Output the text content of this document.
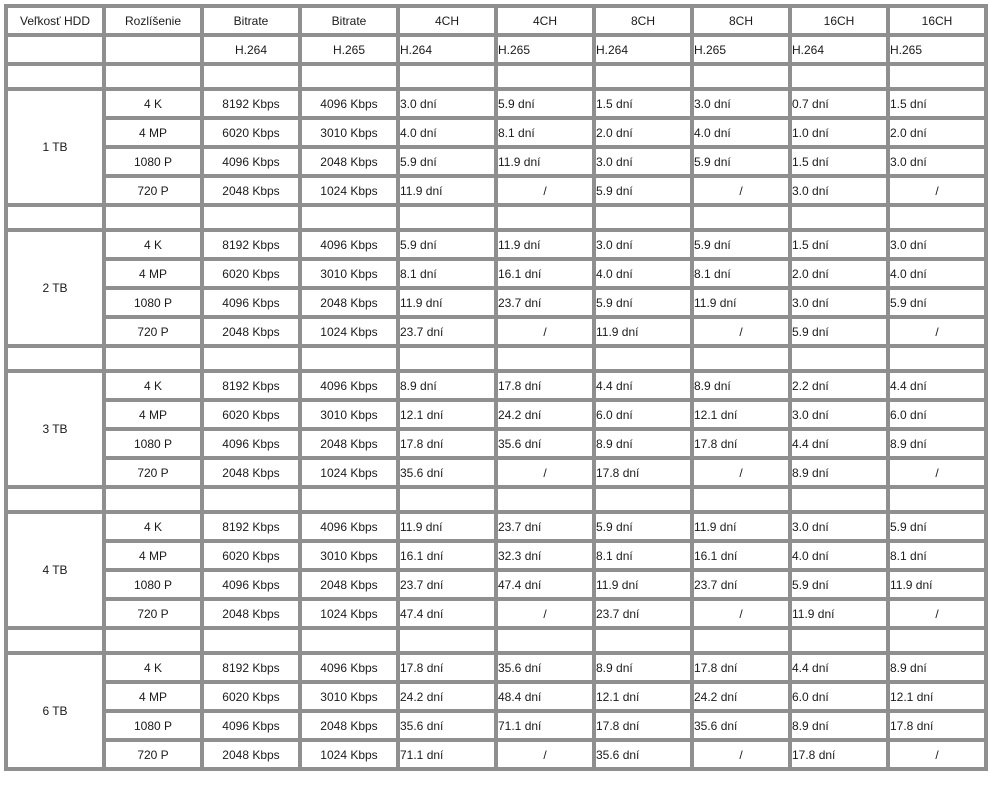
Veľkosť HDD	Rozlíšenie	Bitrate	Bitrate	4CH	4CH	8CH	8CH	16CH	16CH
		H.264	H.265	H.264	H.265	H.264	H.265	H.264	H.265

1 TB	4 K	8192 Kbps	4096 Kbps	3.0 dní	5.9 dní	1.5 dní	3.0 dní	0.7 dní	1.5 dní
	4 MP	6020 Kbps	3010 Kbps	4.0 dní	8.1 dní	2.0 dní	4.0 dní	1.0 dní	2.0 dní
	1080 P	4096 Kbps	2048 Kbps	5.9 dní	11.9 dní	3.0 dní	5.9 dní	1.5 dní	3.0 dní
	720 P	2048 Kbps	1024 Kbps	11.9 dní	/	5.9 dní	/	3.0 dní	/

2 TB	4 K	8192 Kbps	4096 Kbps	5.9 dní	11.9 dní	3.0 dní	5.9 dní	1.5 dní	3.0 dní
	4 MP	6020 Kbps	3010 Kbps	8.1 dní	16.1 dní	4.0 dní	8.1 dní	2.0 dní	4.0 dní
	1080 P	4096 Kbps	2048 Kbps	11.9 dní	23.7 dní	5.9 dní	11.9 dní	3.0 dní	5.9 dní
	720 P	2048 Kbps	1024 Kbps	23.7 dní	/	11.9 dní	/	5.9 dní	/

3 TB	4 K	8192 Kbps	4096 Kbps	8.9 dní	17.8 dní	4.4 dní	8.9 dní	2.2 dní	4.4 dní
	4 MP	6020 Kbps	3010 Kbps	12.1 dní	24.2 dní	6.0 dní	12.1 dní	3.0 dní	6.0 dní
	1080 P	4096 Kbps	2048 Kbps	17.8 dní	35.6 dní	8.9 dní	17.8 dní	4.4 dní	8.9 dní
	720 P	2048 Kbps	1024 Kbps	35.6 dní	/	17.8 dní	/	8.9 dní	/

4 TB	4 K	8192 Kbps	4096 Kbps	11.9 dní	23.7 dní	5.9 dní	11.9 dní	3.0 dní	5.9 dní
	4 MP	6020 Kbps	3010 Kbps	16.1 dní	32.3 dní	8.1 dní	16.1 dní	4.0 dní	8.1 dní
	1080 P	4096 Kbps	2048 Kbps	23.7 dní	47.4 dní	11.9 dní	23.7 dní	5.9 dní	11.9 dní
	720 P	2048 Kbps	1024 Kbps	47.4 dní	/	23.7 dní	/	11.9 dní	/

6 TB	4 K	8192 Kbps	4096 Kbps	17.8 dní	35.6 dní	8.9 dní	17.8 dní	4.4 dní	8.9 dní
	4 MP	6020 Kbps	3010 Kbps	24.2 dní	48.4 dní	12.1 dní	24.2 dní	6.0 dní	12.1 dní
	1080 P	4096 Kbps	2048 Kbps	35.6 dní	71.1 dní	17.8 dní	35.6 dní	8.9 dní	17.8 dní
	720 P	2048 Kbps	1024 Kbps	71.1 dní	/	35.6 dní	/	17.8 dní	/
